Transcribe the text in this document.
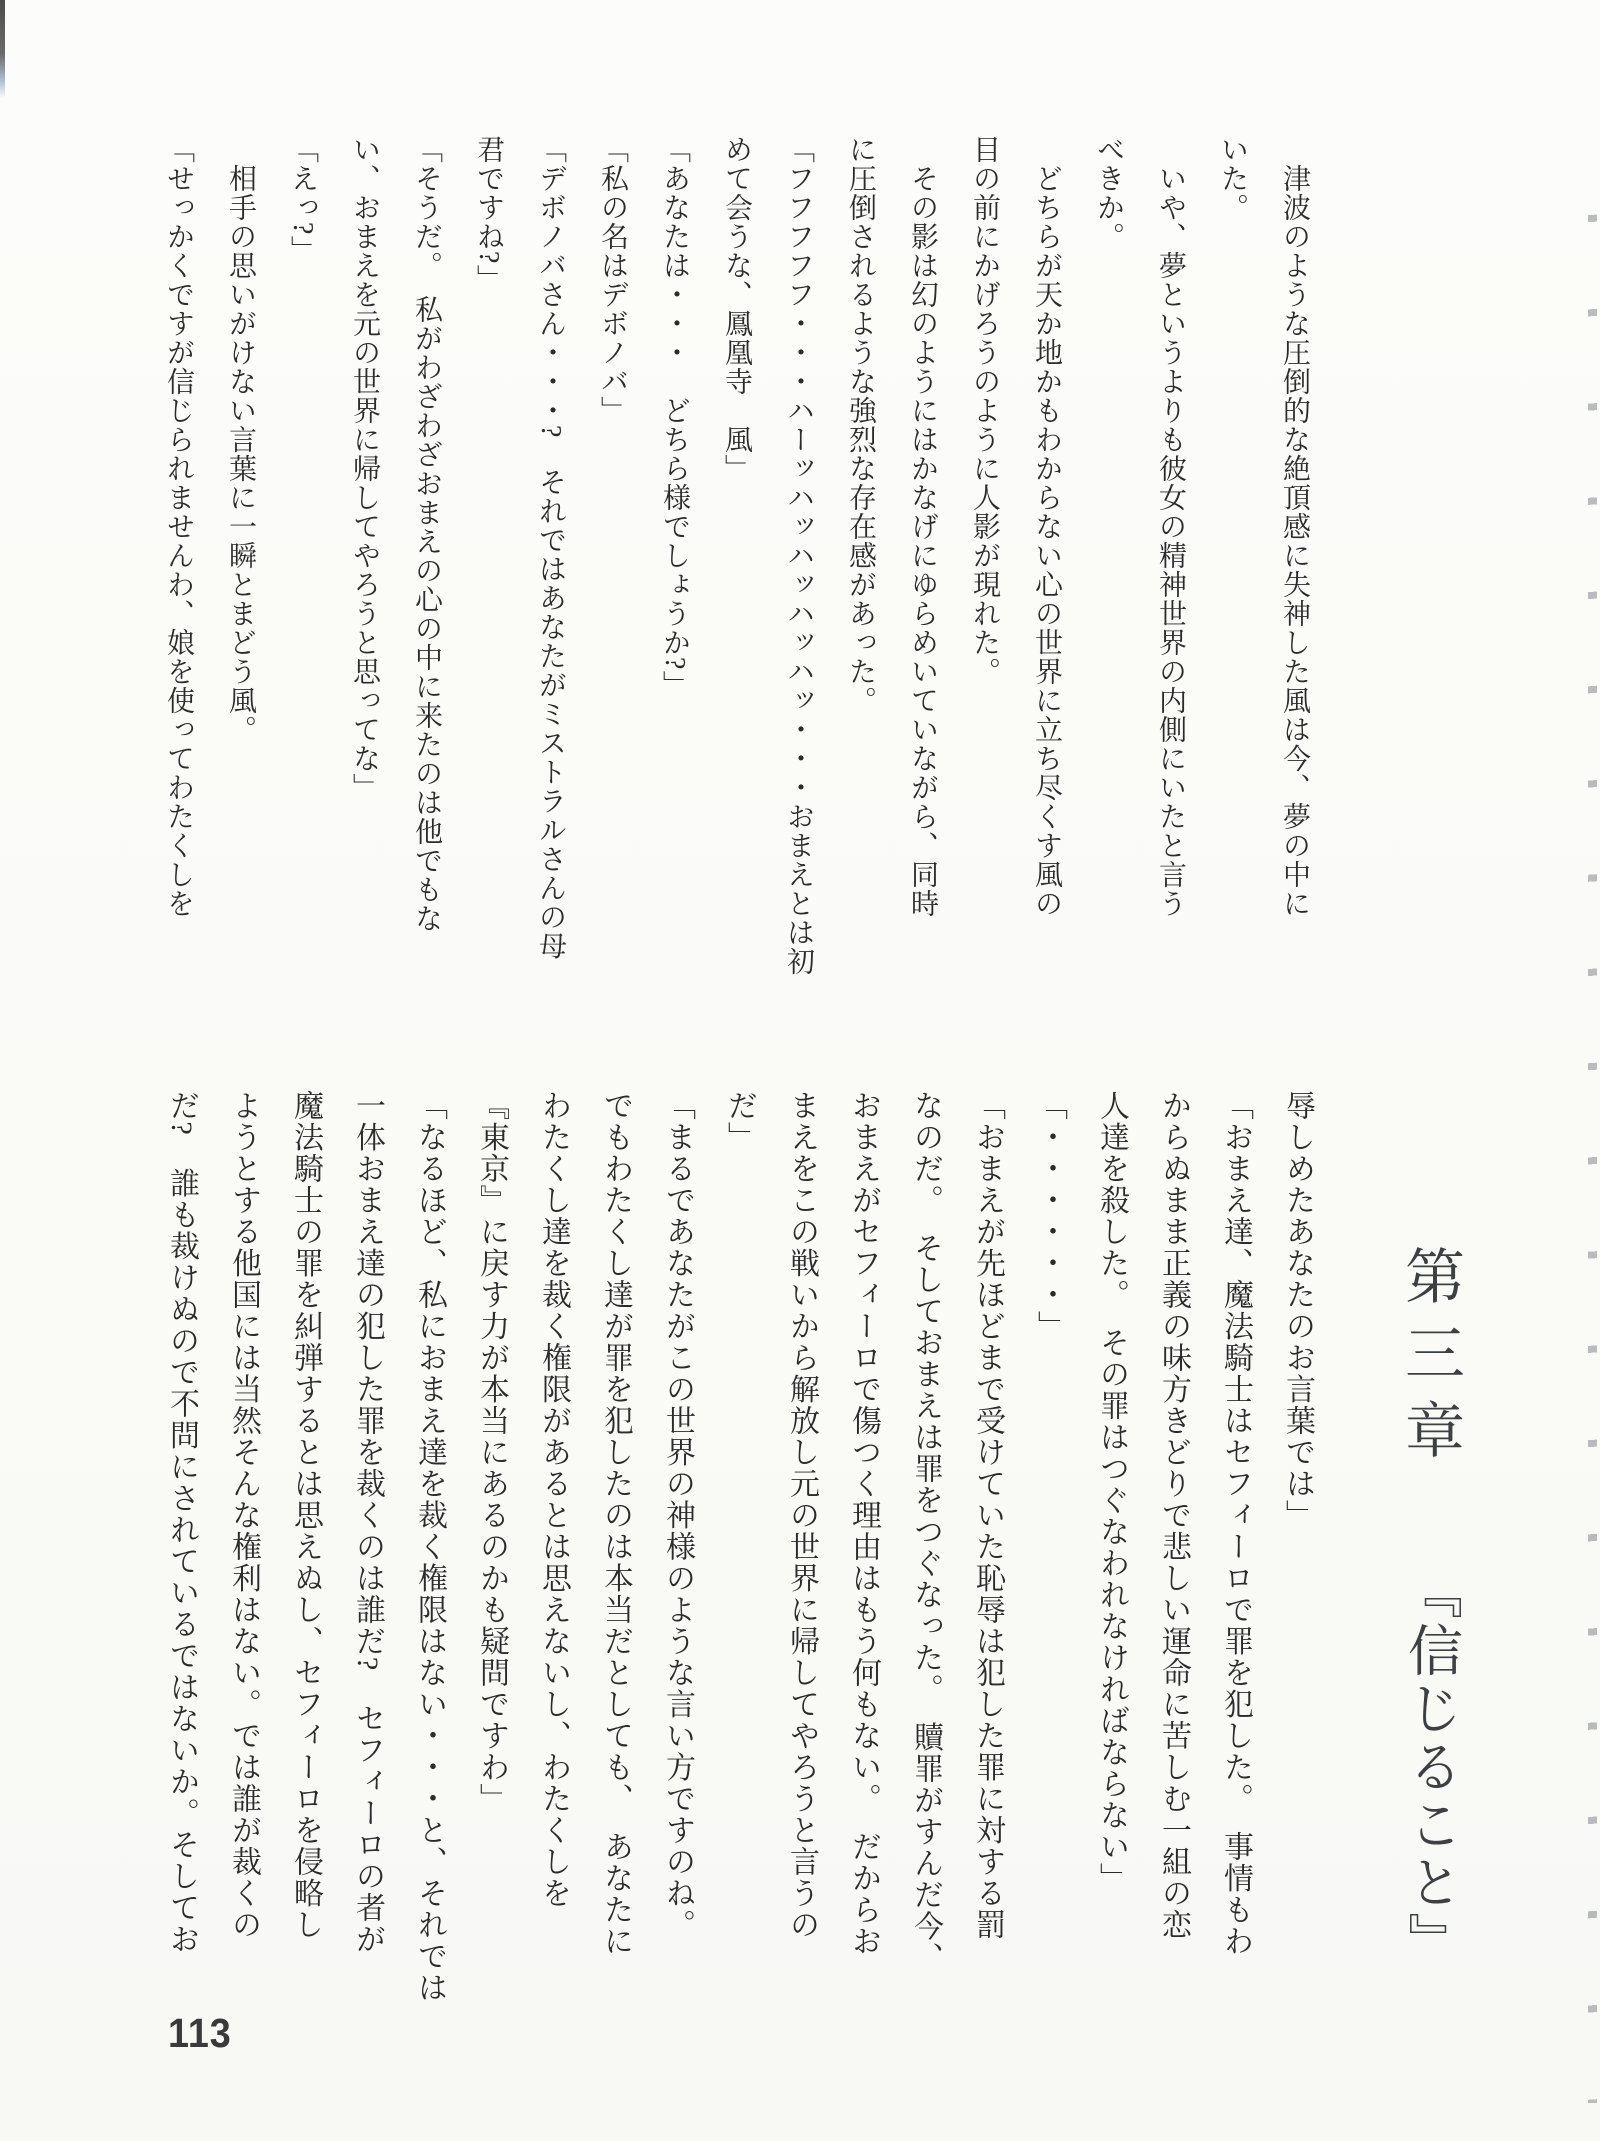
第三章『信じること』
　津波のような圧倒的な絶頂感に失神した風は今、夢の中に
いた。
　いや、夢というよりも彼女の精神世界の内側にいたと言う
べきか。
　どちらが天か地かもわからない心の世界に立ち尽くす風の
目の前にかげろうのように人影が現れた。
　その影は幻のようにはかなげにゆらめいていながら、同時
に圧倒されるような強烈な存在感があった。
「フフフフフ・・・ハーッハッハッハッハッ・・・おまえとは初
めて会うな、鳳凰寺　風」
「あなたは・・・　どちら様でしょうか?」
「私の名はデボノバ」
「デボノバさん・・・?　それではあなたがミストラルさんの母
君ですね?」
「そうだ。　私がわざわざおまえの心の中に来たのは他でもな
い、おまえを元の世界に帰してやろうと思ってな」
「えっ?」
　相手の思いがけない言葉に一瞬とまどう風。
「せっかくですが信じられませんわ、娘を使ってわたくしを
辱しめたあなたのお言葉では」
「おまえ達、魔法騎士はセフィーロで罪を犯した。　事情もわ
からぬまま正義の味方きどりで悲しい運命に苦しむ一組の恋
人達を殺した。　その罪はつぐなわれなければならない」
「・・・・・・」
「おまえが先ほどまで受けていた恥辱は犯した罪に対する罰
なのだ。　そしておまえは罪をつぐなった。　贖罪がすんだ今、
おまえがセフィーロで傷つく理由はもう何もない。　だからお
まえをこの戦いから解放し元の世界に帰してやろうと言うの
だ」
「まるであなたがこの世界の神様のような言い方ですのね。
でもわたくし達が罪を犯したのは本当だとしても、　あなたに
わたくし達を裁く権限があるとは思えないし、わたくしを
『東京』に戻す力が本当にあるのかも疑問ですわ」
「なるほど、私におまえ達を裁く権限はない・・・と、それでは
一体おまえ達の犯した罪を裁くのは誰だ?　セフィーロの者が
魔法騎士の罪を糾弾するとは思えぬし、セフィーロを侵略し
ようとする他国には当然そんな権利はない。では誰が裁くの
だ?　誰も裁けぬので不問にされているではないか。そしてお
113
